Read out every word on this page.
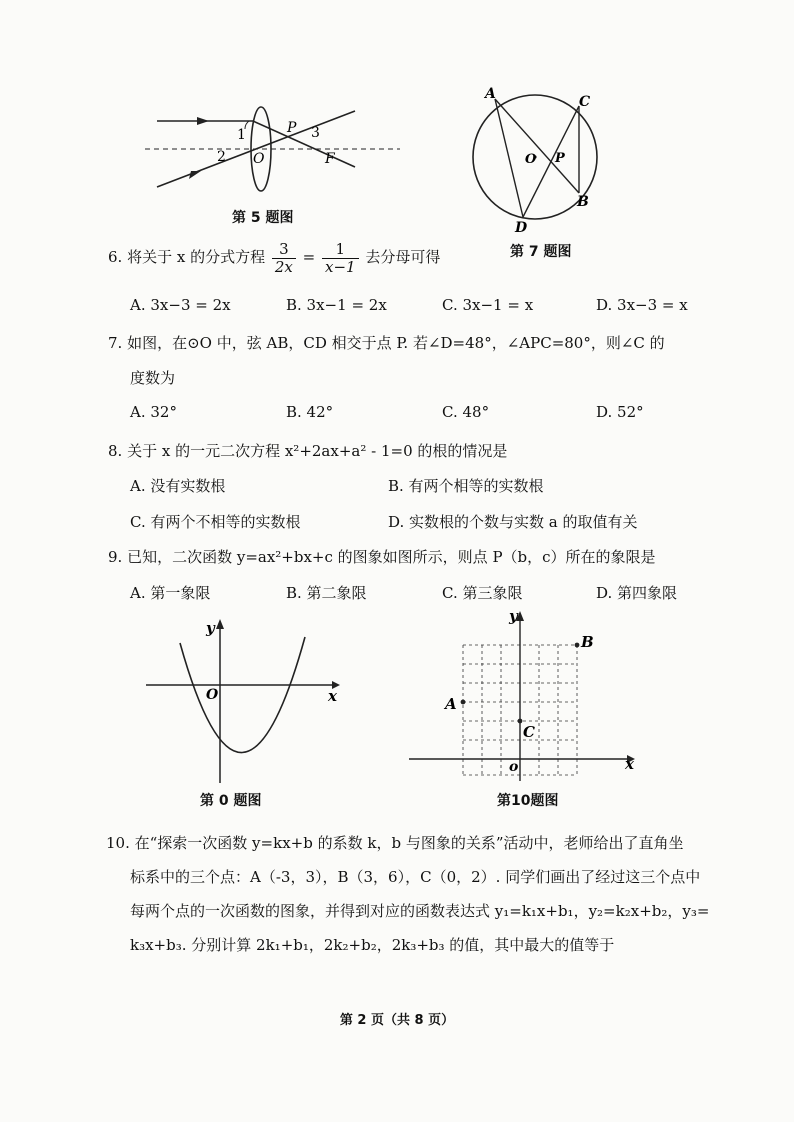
1
2
3
P
O	F
第 5 题图
A	C
B
D
O P
第 7 题图
6. 将关于 x 的分式方程 $\frac{3}{2x} = \frac{1}{x-1}$ 去分母可得
A. 3x−3 = 2x	B. 3x−1 = 2x	C. 3x−1 = x	D. 3x−3 = x
7. 如图，在⊙O 中，弦 AB，CD 相交于点 P. 若∠D=48°，∠APC=80°，则∠C 的
度数为
A. 32°	B. 42°	C. 48°	D. 52°
8. 关于 x 的一元二次方程 x²+2ax+a² - 1=0 的根的情况是
A. 没有实数根	B. 有两个相等的实数根
C. 有两个不相等的实数根	D. 实数根的个数与实数 a 的取值有关
9. 已知，二次函数 y=ax²+bx+c 的图象如图所示，则点 P（b，c）所在的象限是
A. 第一象限	B. 第二象限	C. 第三象限	D. 第四象限
y
x
O
第 0 题图
y
x
o
A
B
C
第10题图
10. 在“探索一次函数 y=kx+b 的系数 k，b 与图象的关系”活动中，老师给出了直角坐
标系中的三个点：A（-3，3），B（3，6），C（0，2）. 同学们画出了经过这三个点中
每两个点的一次函数的图象，并得到对应的函数表达式 y₁=k₁x+b₁，y₂=k₂x+b₂，y₃=
k₃x+b₃. 分别计算 2k₁+b₁，2k₂+b₂，2k₃+b₃ 的值，其中最大的值等于
第 2 页（共 8 页）
